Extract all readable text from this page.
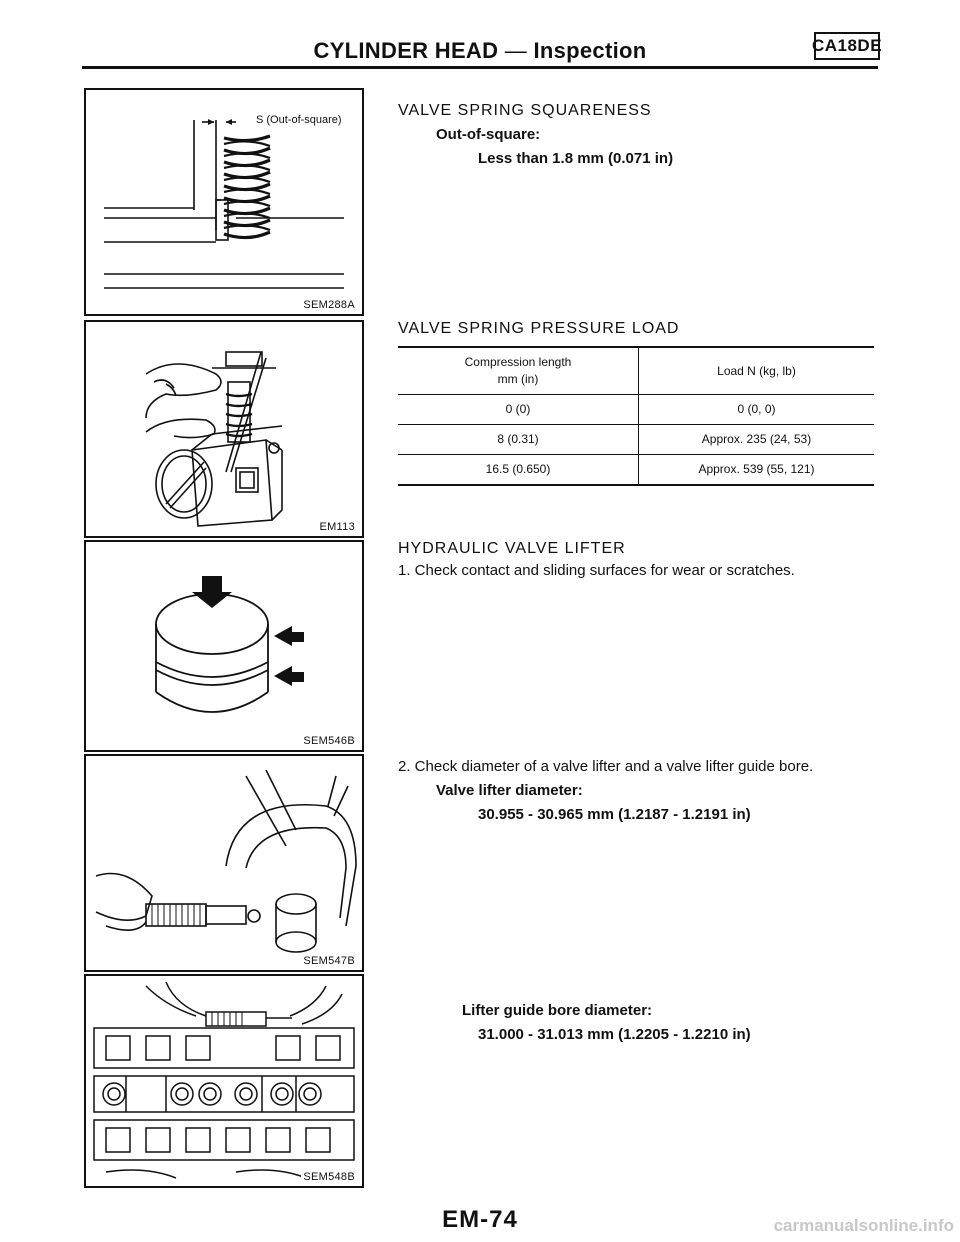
CYLINDER HEAD — Inspection	CA18DE
S (Out-of-square)
SEM288A
EM113
SEM546B
SEM547B
SEM548B
VALVE SPRING SQUARENESS
Out-of-square:
Less than 1.8 mm (0.071 in)
VALVE SPRING PRESSURE LOAD
Compression length
mm (in)	Load N (kg, lb)
0 (0)	0 (0, 0)
8 (0.31)	Approx. 235 (24, 53)
16.5 (0.650)	Approx. 539 (55, 121)
HYDRAULIC VALVE LIFTER
1. Check contact and sliding surfaces for wear or scratches.
2. Check diameter of a valve lifter and a valve lifter guide bore.
Valve lifter diameter:
30.955 - 30.965 mm (1.2187 - 1.2191 in)
Lifter guide bore diameter:
31.000 - 31.013 mm (1.2205 - 1.2210 in)
EM-74	carmanualsonline.info
